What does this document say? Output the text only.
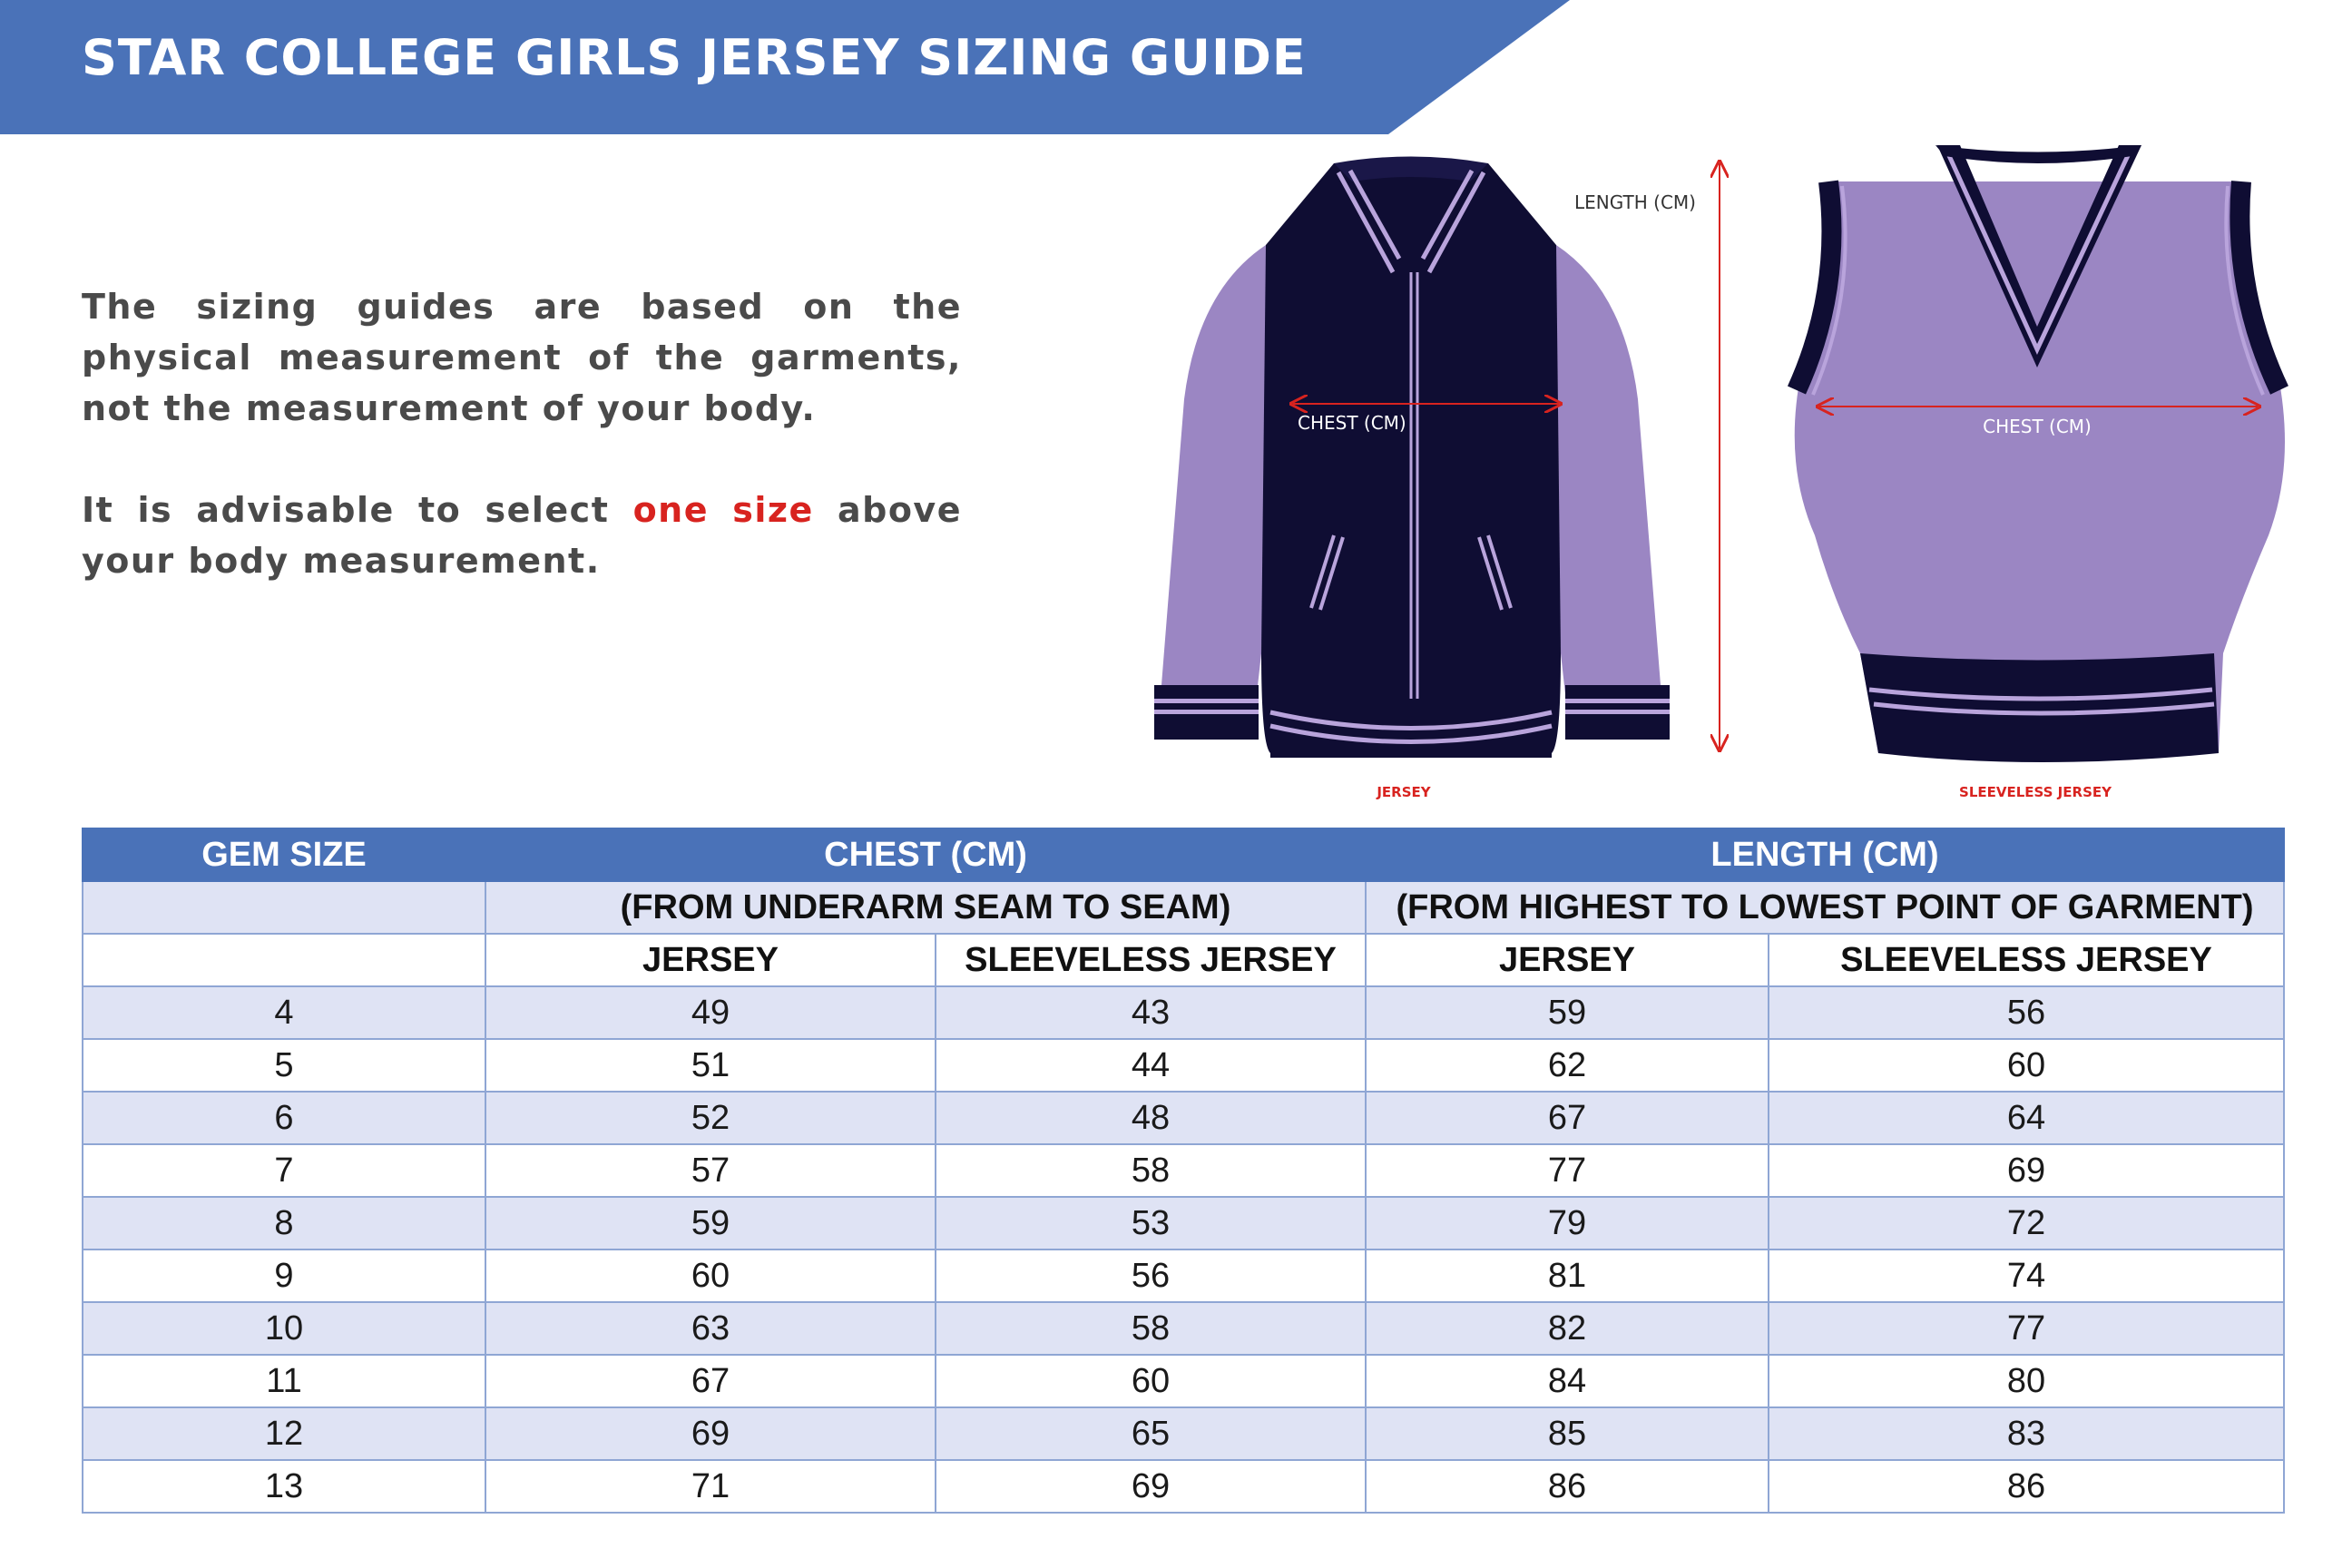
STAR COLLEGE GIRLS JERSEY SIZING GUIDE

The sizing guides are based on the physical measurement of the garments, not the measurement of your body.

It is advisable to select one size above your body measurement.

CHEST (CM)
LENGTH (CM)
JERSEY
CHEST (CM)
SLEEVELESS JERSEY
GEM SIZE	CHEST (CM)		LENGTH (CM)	
	(FROM UNDERARM SEAM TO SEAM)		(FROM HIGHEST TO LOWEST POINT OF GARMENT)	
	JERSEY	SLEEVELESS JERSEY	JERSEY	SLEEVELESS JERSEY
4	49	43	59	56
5	51	44	62	60
6	52	48	67	64
7	57	58	77	69
8	59	53	79	72
9	60	56	81	74
10	63	58	82	77
11	67	60	84	80
12	69	65	85	83
13	71	69	86	86
